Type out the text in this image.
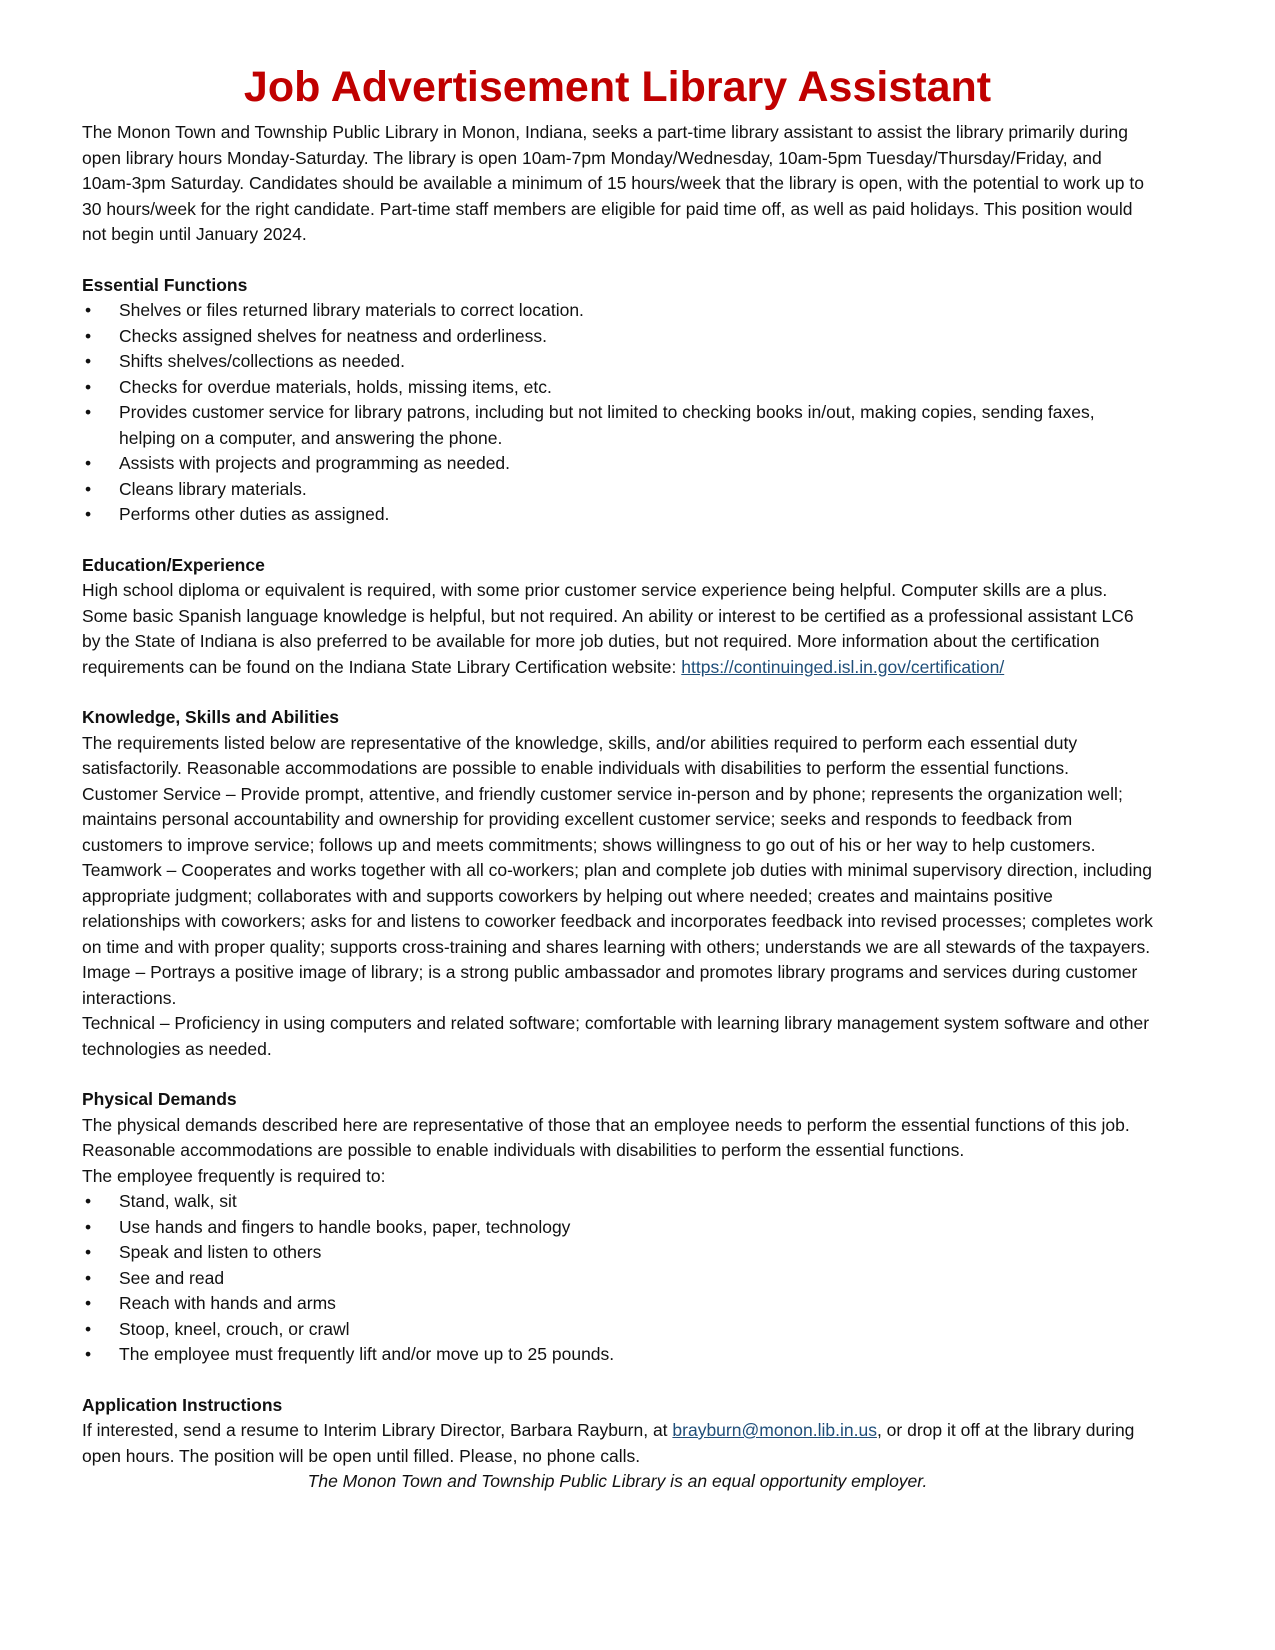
Job Advertisement Library Assistant

The Monon Town and Township Public Library in Monon, Indiana, seeks a part-time library assistant to assist the library primarily during open library hours Monday-Saturday. The library is open 10am-7pm Monday/Wednesday, 10am-5pm Tuesday/Thursday/Friday, and 10am-3pm Saturday. Candidates should be available a minimum of 15 hours/week that the library is open, with the potential to work up to 30 hours/week for the right candidate. Part-time staff members are eligible for paid time off, as well as paid holidays. This position would not begin until January 2024.

Essential Functions
• Shelves or files returned library materials to correct location.
• Checks assigned shelves for neatness and orderliness.
• Shifts shelves/collections as needed.
• Checks for overdue materials, holds, missing items, etc.
• Provides customer service for library patrons, including but not limited to checking books in/out, making copies, sending faxes, helping on a computer, and answering the phone.
• Assists with projects and programming as needed.
• Cleans library materials.
• Performs other duties as assigned.
Education/Experience

High school diploma or equivalent is required, with some prior customer service experience being helpful. Computer skills are a plus. Some basic Spanish language knowledge is helpful, but not required. An ability or interest to be certified as a professional assistant LC6 by the State of Indiana is also preferred to be available for more job duties, but not required. More information about the certification requirements can be found on the Indiana State Library Certification website: https://continuinged.isl.in.gov/certification/

Knowledge, Skills and Abilities

The requirements listed below are representative of the knowledge, skills, and/or abilities required to perform each essential duty satisfactorily. Reasonable accommodations are possible to enable individuals with disabilities to perform the essential functions.

Customer Service – Provide prompt, attentive, and friendly customer service in-person and by phone; represents the organization well; maintains personal accountability and ownership for providing excellent customer service; seeks and responds to feedback from customers to improve service; follows up and meets commitments; shows willingness to go out of his or her way to help customers.

Teamwork – Cooperates and works together with all co-workers; plan and complete job duties with minimal supervisory direction, including appropriate judgment; collaborates with and supports coworkers by helping out where needed; creates and maintains positive relationships with coworkers; asks for and listens to coworker feedback and incorporates feedback into revised processes; completes work on time and with proper quality; supports cross-training and shares learning with others; understands we are all stewards of the taxpayers.

Image – Portrays a positive image of library; is a strong public ambassador and promotes library programs and services during customer interactions.

Technical – Proficiency in using computers and related software; comfortable with learning library management system software and other technologies as needed.

Physical Demands

The physical demands described here are representative of those that an employee needs to perform the essential functions of this job. Reasonable accommodations are possible to enable individuals with disabilities to perform the essential functions.

The employee frequently is required to:

• Stand, walk, sit
• Use hands and fingers to handle books, paper, technology
• Speak and listen to others
• See and read
• Reach with hands and arms
• Stoop, kneel, crouch, or crawl
• The employee must frequently lift and/or move up to 25 pounds.
Application Instructions

If interested, send a resume to Interim Library Director, Barbara Rayburn, at brayburn@monon.lib.in.us, or drop it off at the library during open hours. The position will be open until filled. Please, no phone calls.

The Monon Town and Township Public Library is an equal opportunity employer.
